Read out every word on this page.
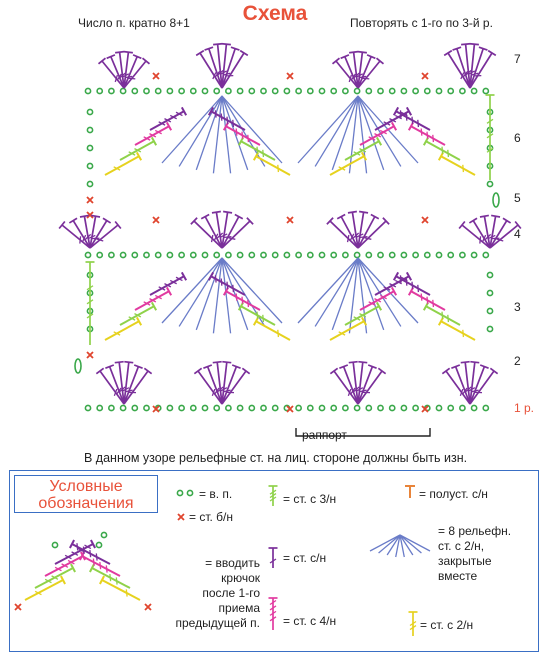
Схема
Число п. кратно 8+1	Повторять с 1-го по 3-й р.
7
6
5
4
3
2
1 р.
раппорт
В данном узоре рельефные ст. на лиц. стороне должны быть изн.
Условные
обозначения
= в. п.
= ст. б/н
= полуст. с/н
= ст. с 3/н
= ст. с/н
= ст. с 4/н	= ст. с 2/н
= вводить
крючок
после 1-го
приема
предыдущей п.
= 8 рельефн.
ст. с 2/н,
закрытые
вместе
